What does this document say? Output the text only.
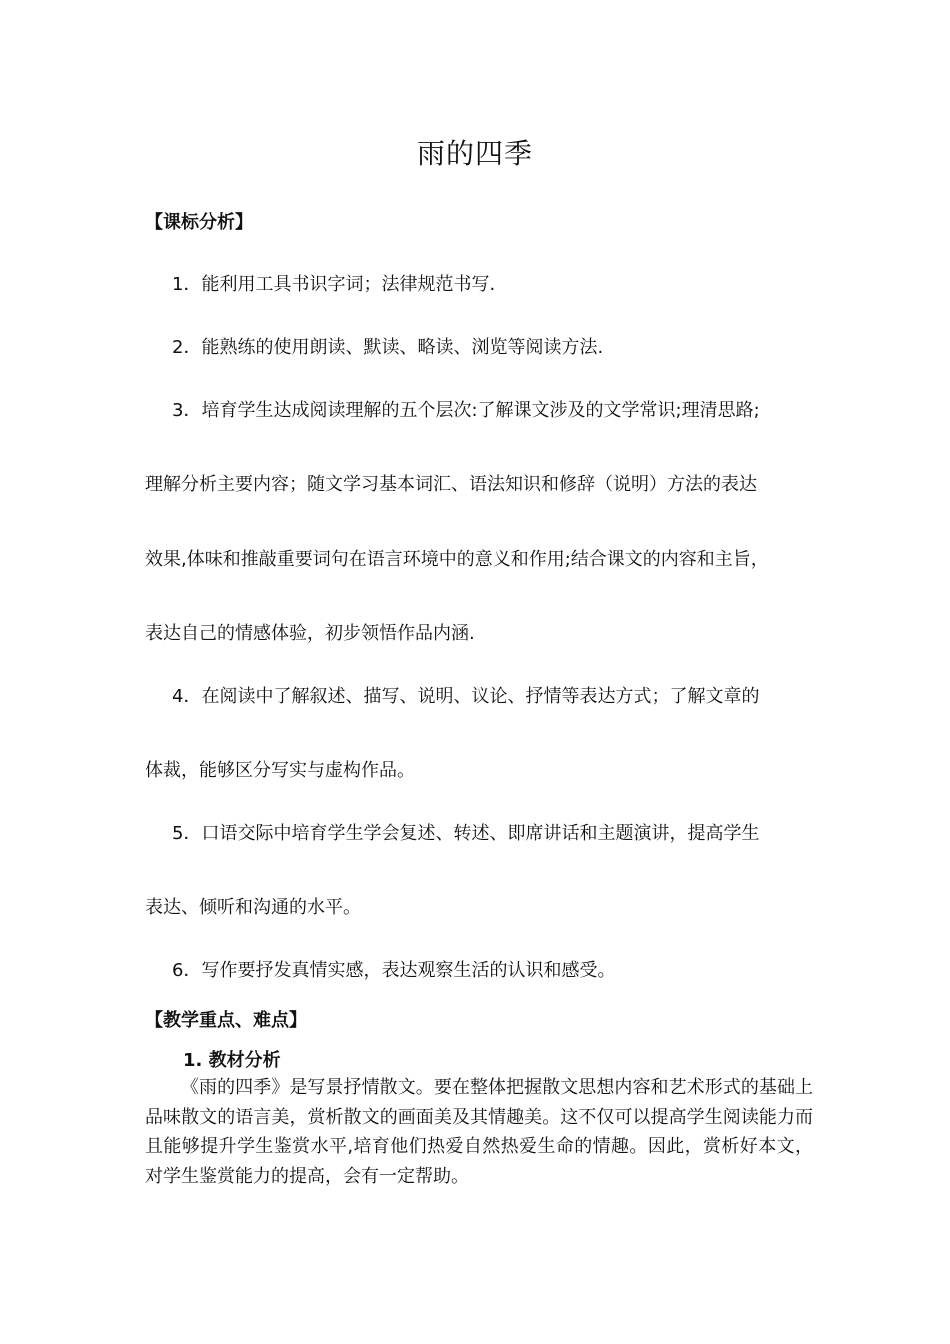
雨的四季
【课标分析】
1．能利用工具书识字词；法律规范书写.
2．能熟练的使用朗读、默读、略读、浏览等阅读方法.
3．培育学生达成阅读理解的五个层次:了解课文涉及的文学常识;理清思路;
理解分析主要内容；随文学习基本词汇、语法知识和修辞（说明）方法的表达
效果,体味和推敲重要词句在语言环境中的意义和作用;结合课文的内容和主旨，
表达自己的情感体验，初步领悟作品内涵.
4．在阅读中了解叙述、描写、说明、议论、抒情等表达方式；了解文章的
体裁，能够区分写实与虚构作品。
5．口语交际中培育学生学会复述、转述、即席讲话和主题演讲，提高学生
表达、倾听和沟通的水平。
6．写作要抒发真情实感，表达观察生活的认识和感受。
【教学重点、难点】
1. 教材分析
《雨的四季》是写景抒情散文。要在整体把握散文思想内容和艺术形式的基础上品味散文的语言美，赏析散文的画面美及其情趣美。这不仅可以提高学生阅读能力而且能够提升学生鉴赏水平,培育他们热爱自然热爱生命的情趣。因此，赏析好本文，对学生鉴赏能力的提高，会有一定帮助。
